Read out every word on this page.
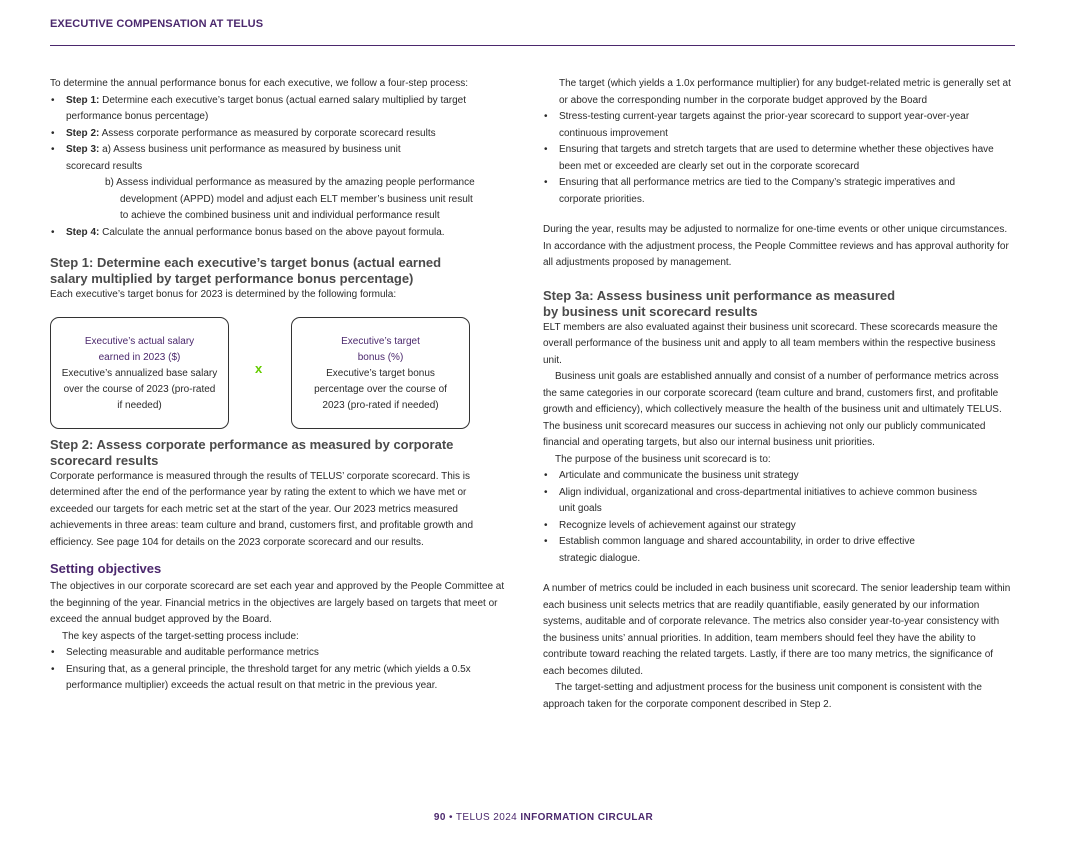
EXECUTIVE COMPENSATION AT TELUS

To determine the annual performance bonus for each executive, we follow a four-step process:

• Step 1: Determine each executive’s target bonus (actual earned salary multiplied by target performance bonus percentage)
• Step 2: Assess corporate performance as measured by corporate scorecard results
• Step 3: a) Assess business unit performance as measured by business unit scorecard results
b) Assess individual performance as measured by the amazing people performance development (APPD) model and adjust each ELT member’s business unit result to achieve the combined business unit and individual performance result
• Step 4: Calculate the annual performance bonus based on the above payout formula.
Step 1: Determine each executive’s target bonus (actual earned salary multiplied by target performance bonus percentage)

Each executive’s target bonus for 2023 is determined by the following formula:

Executive’s actual salary earned in 2023 ($)
Executive’s annualized base salary over the course of 2023 (pro-rated if needed)
x
Executive’s target bonus (%)
Executive’s target bonus percentage over the course of 2023 (pro-rated if needed)
Step 2: Assess corporate performance as measured by corporate scorecard results

Corporate performance is measured through the results of TELUS’ corporate scorecard. This is determined after the end of the performance year by rating the extent to which we have met or exceeded our targets for each metric set at the start of the year. Our 2023 metrics measured achievements in three areas: team culture and brand, customers first, and profitable growth and efficiency. See page 104 for details on the 2023 corporate scorecard and our results.

Setting objectives

The objectives in our corporate scorecard are set each year and approved by the People Committee at the beginning of the year. Financial metrics in the objectives are largely based on targets that meet or exceed the annual budget approved by the Board.

The key aspects of the target-setting process include:

• Selecting measurable and auditable performance metrics
• Ensuring that, as a general principle, the threshold target for any metric (which yields a 0.5x performance multiplier) exceeds the actual result on that metric in the previous year.

The target (which yields a 1.0x performance multiplier) for any budget-related metric is generally set at or above the corresponding number in the corporate budget approved by the Board

• Stress-testing current-year targets against the prior-year scorecard to support year-over-year continuous improvement
• Ensuring that targets and stretch targets that are used to determine whether these objectives have been met or exceeded are clearly set out in the corporate scorecard
• Ensuring that all performance metrics are tied to the Company’s strategic imperatives and corporate priorities.

During the year, results may be adjusted to normalize for one-time events or other unique circumstances. In accordance with the adjustment process, the People Committee reviews and has approval authority for all adjustments proposed by management.

Step 3a: Assess business unit performance as measured by business unit scorecard results

ELT members are also evaluated against their business unit scorecard. These scorecards measure the overall performance of the business unit and apply to all team members within the respective business unit.

Business unit goals are established annually and consist of a number of performance metrics across the same categories in our corporate scorecard (team culture and brand, customers first, and profitable growth and efficiency), which collectively measure the health of the business unit and ultimately TELUS. The business unit scorecard measures our success in achieving not only our publicly communicated financial and operating targets, but also our internal business unit priorities.

The purpose of the business unit scorecard is to:

• Articulate and communicate the business unit strategy
• Align individual, organizational and cross-departmental initiatives to achieve common business unit goals
• Recognize levels of achievement against our strategy
• Establish common language and shared accountability, in order to drive effective strategic dialogue.

A number of metrics could be included in each business unit scorecard. The senior leadership team within each business unit selects metrics that are readily quantifiable, easily generated by our information systems, auditable and of corporate relevance. The metrics also consider year-to-year consistency with the business units’ annual priorities. In addition, team members should feel they have the ability to contribute toward reaching the related targets. Lastly, if there are too many metrics, the significance of each becomes diluted.

The target-setting and adjustment process for the business unit component is consistent with the approach taken for the corporate component described in Step 2.

90 • TELUS 2024 INFORMATION CIRCULAR
